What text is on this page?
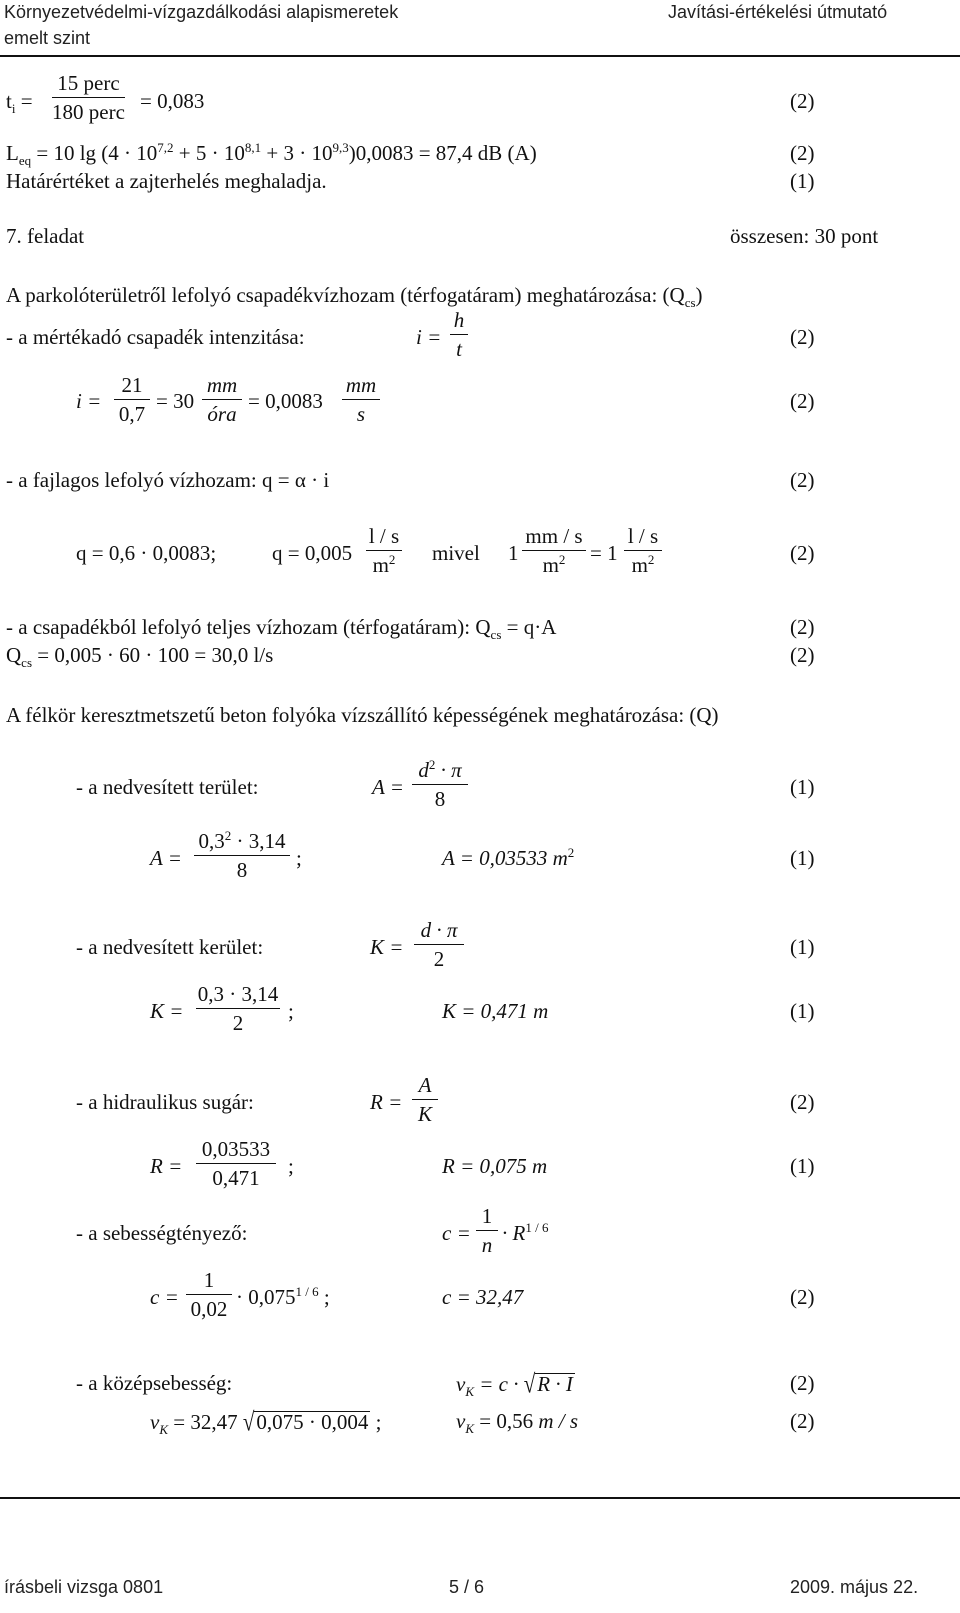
Környezetvédelmi-vízgazdálkodási alapismeretek
emelt szint
Javítási-értékelési útmutató
$t_i$ =
15 perc
180 perc = 0,083	(2)
$L_{eq} = 10$ $\lg (4 \cdot 10^{7,2} + 5 \cdot 10^{8,1} + 3 \cdot 10^{9,3})0,0083 = 87,4$ dB (A)	(2)
Határértéket a zajterhelés meghaladja.	(1)
7. feladat	összesen: 30 pont
A parkolóterületről lefolyó csapadékvízhozam (térfogatáram) meghatározása: $(Q_{cs})$
- a mértékadó csapadék intenzitása:	i =
h
t
(2)
i =
21
0,7
= 30
mm
óra
= 0,0083
mm
s
(2)
- a fajlagos lefolyó vízhozam: q = α · i	(2)
q = 0,6 · 0,0083;	q = 0,005
l / s
$m^2$	mivel 1
mm / s
$m^2$	= 1
l / s
$m^2$	(2)
- a csapadékból lefolyó teljes vízhozam (térfogatáram): $Q_{cs} = q\cdot A$	(2)
$Q_{cs} = 0,005 \cdot 60 \cdot 100 = 30,0$ l/s	(2)
A félkör keresztmetszetű beton folyóka vízszállító képességének meghatározása: (Q)
- a nedvesített terület:	A =
$d^2 \cdot \pi$
8
(1)
A =
$0,3^2 \cdot 3,14$
8
;	A = 0,03533 $m^2$	(1)
- a nedvesített kerület:	K =
d · π
2
(1)
K =
0,3 · 3,14
2
;	K = 0,471 m	(1)
- a hidraulikus sugár:	R =
A
K
(2)
R =
0,03533
0,471
;	R = 0,075 m	(1)
- a sebességtényező:	c =
1
n
· $R^{1 / 6}$
c =
1
0,02
· $0,075^{1 / 6}$ ;	c = 32,47	(2)
- a középsebesség:	$v_K = c \cdot √R \cdot I$	(2)
$v_K = 32,47$ √0,075 · 0,004 ;	$v_K = 0,56$ m / s	(2)
írásbeli vizsga 0801	5 / 6	2009. május 22.
